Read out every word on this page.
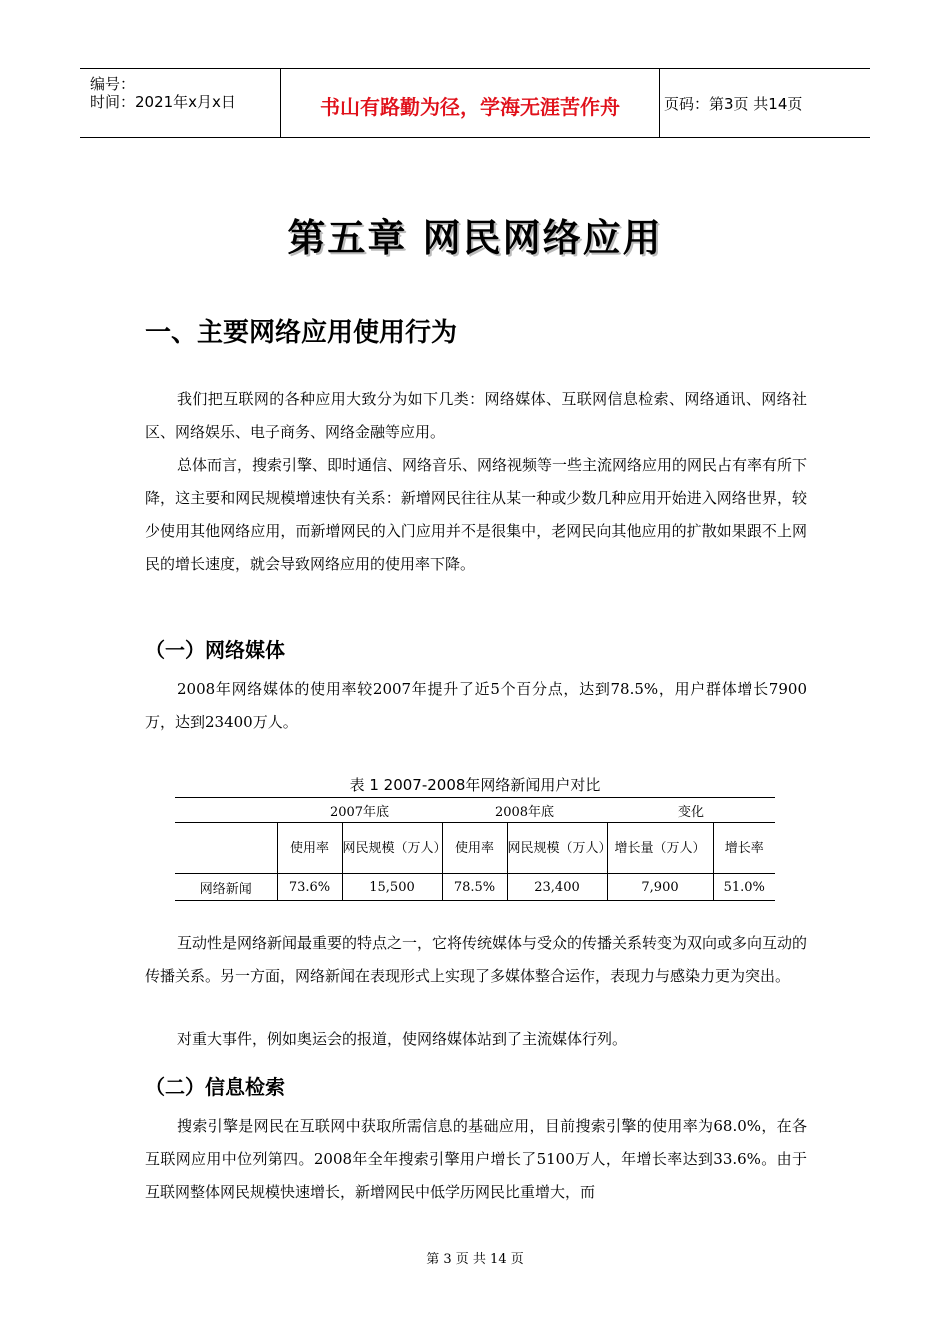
编号：
时间：2021年x月x日	书山有路勤为径，学海无涯苦作舟	页码：第3页 共14页
第五章 网民网络应用
一、主要网络应用使用行为

我们把互联网的各种应用大致分为如下几类：网络媒体、互联网信息检索、网络通讯、网络社区、网络娱乐、电子商务、网络金融等应用。

总体而言，搜索引擎、即时通信、网络音乐、网络视频等一些主流网络应用的网民占有率有所下降，这主要和网民规模增速快有关系：新增网民往往从某一种或少数几种应用开始进入网络世界，较少使用其他网络应用，而新增网民的入门应用并不是很集中，老网民向其他应用的扩散如果跟不上网民的增长速度，就会导致网络应用的使用率下降。

（一）网络媒体

2008年网络媒体的使用率较2007年提升了近5个百分点，达到78.5%，用户群体增长7900万，达到23400万人。

表 1 2007-2008年网络新闻用户对比
	2007年底		2008年底		变化	
	使用率	网民规模（万人）	使用率	网民规模（万人）	增长量（万人）	增长率
网络新闻	73.6%	15,500	78.5%	23,400	7,900	51.0%

互动性是网络新闻最重要的特点之一，它将传统媒体与受众的传播关系转变为双向或多向互动的传播关系。另一方面，网络新闻在表现形式上实现了多媒体整合运作，表现力与感染力更为突出。

对重大事件，例如奥运会的报道，使网络媒体站到了主流媒体行列。

（二）信息检索

搜索引擎是网民在互联网中获取所需信息的基础应用，目前搜索引擎的使用率为68.0%，在各互联网应用中位列第四。2008年全年搜索引擎用户增长了5100万人，年增长率达到33.6%。由于互联网整体网民规模快速增长，新增网民中低学历网民比重增大，而

第 3 页 共 14 页
